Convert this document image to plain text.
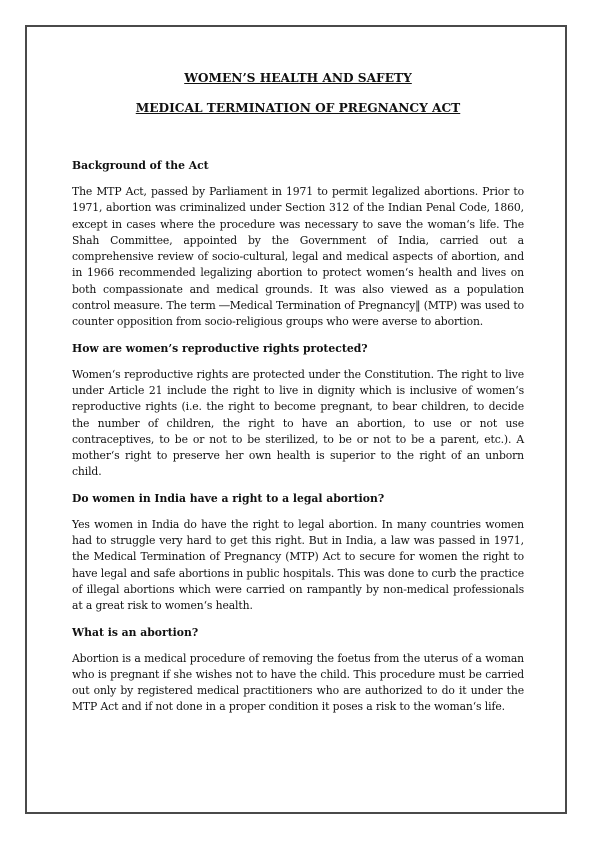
WOMEN’S HEALTH AND SAFETY

MEDICAL TERMINATION OF PREGNANCY ACT

Background of the Act

The MTP Act, passed by Parliament in 1971 to permit legalized abortions. Prior to 1971, abortion was criminalized under Section 312 of the Indian Penal Code, 1860, except in cases where the procedure was necessary to save the woman‘s life. The Shah Committee, appointed by the Government of India, carried out a comprehensive review of socio-cultural, legal and medical aspects of abortion, and in 1966 recommended legalizing abortion to protect women‘s health and lives on both compassionate and medical grounds. It was also viewed as a population control measure. The term ―Medical Termination of Pregnancy‖ (MTP) was used to counter opposition from socio-religious groups who were averse to abortion.

How are women’s reproductive rights protected?

Women‘s reproductive rights are protected under the Constitution. The right to live under Article 21 include the right to live in dignity which is inclusive of women‘s reproductive rights (i.e. the right to become pregnant, to bear children, to decide the number of children, the right to have an abortion, to use or not use contraceptives, to be or not to be sterilized, to be or not to be a parent, etc.). A mother‘s right to preserve her own health is superior to the right of an unborn child.

Do women in India have a right to a legal abortion?

Yes women in India do have the right to legal abortion. In many countries women had to struggle very hard to get this right. But in India, a law was passed in 1971, the Medical Termination of Pregnancy (MTP) Act to secure for women the right to have legal and safe abortions in public hospitals. This was done to curb the practice of illegal abortions which were carried on rampantly by non-medical professionals at a great risk to women‘s health.

What is an abortion?

Abortion is a medical procedure of removing the foetus from the uterus of a woman who is pregnant if she wishes not to have the child. This procedure must be carried out only by registered medical practitioners who are authorized to do it under the MTP Act and if not done in a proper condition it poses a risk to the woman‘s life.
